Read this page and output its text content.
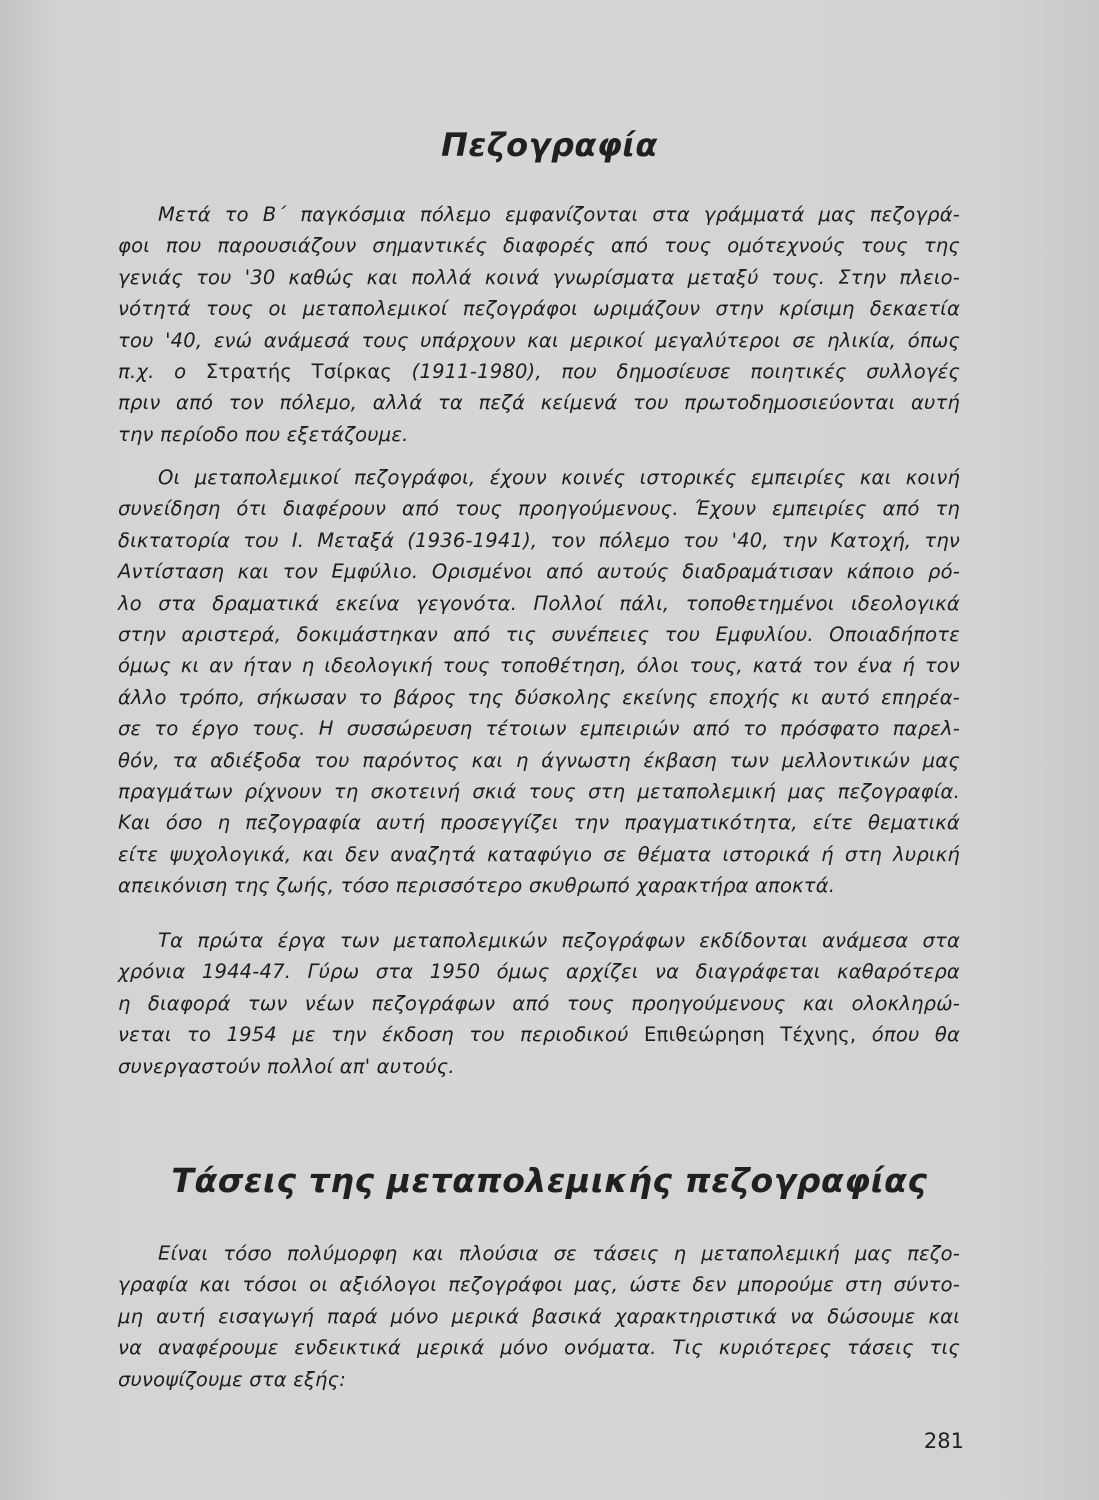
Πεζογραφία
Μετά το Β΄ παγκόσμια πόλεμο εμφανίζονται στα γράμματά μας πεζογρά-
φοι που παρουσιάζουν σημαντικές διαφορές από τους ομότεχνούς τους της
γενιάς του '30 καθώς και πολλά κοινά γνωρίσματα μεταξύ τους. Στην πλειο-
νότητά τους οι μεταπολεμικοί πεζογράφοι ωριμάζουν στην κρίσιμη δεκαετία
του '40, ενώ ανάμεσά τους υπάρχουν και μερικοί μεγαλύτεροι σε ηλικία, όπως
π.χ. ο Στρατής Τσίρκας (1911-1980), που δημοσίευσε ποιητικές συλλογές
πριν από τον πόλεμο, αλλά τα πεζά κείμενά του πρωτοδημοσιεύονται αυτή
την περίοδο που εξετάζουμε.
Οι μεταπολεμικοί πεζογράφοι, έχουν κοινές ιστορικές εμπειρίες και κοινή
συνείδηση ότι διαφέρουν από τους προηγούμενους. Έχουν εμπειρίες από τη
δικτατορία του Ι. Μεταξά (1936-1941), τον πόλεμο του '40, την Κατοχή, την
Αντίσταση και τον Εμφύλιο. Ορισμένοι από αυτούς διαδραμάτισαν κάποιο ρό-
λο στα δραματικά εκείνα γεγονότα. Πολλοί πάλι, τοποθετημένοι ιδεολογικά
στην αριστερά, δοκιμάστηκαν από τις συνέπειες του Εμφυλίου. Οποιαδήποτε
όμως κι αν ήταν η ιδεολογική τους τοποθέτηση, όλοι τους, κατά τον ένα ή τον
άλλο τρόπο, σήκωσαν το βάρος της δύσκολης εκείνης εποχής κι αυτό επηρέα-
σε το έργο τους. Η συσσώρευση τέτοιων εμπειριών από το πρόσφατο παρελ-
θόν, τα αδιέξοδα του παρόντος και η άγνωστη έκβαση των μελλοντικών μας
πραγμάτων ρίχνουν τη σκοτεινή σκιά τους στη μεταπολεμική μας πεζογραφία.
Και όσο η πεζογραφία αυτή προσεγγίζει την πραγματικότητα, είτε θεματικά
είτε ψυχολογικά, και δεν αναζητά καταφύγιο σε θέματα ιστορικά ή στη λυρική
απεικόνιση της ζωής, τόσο περισσότερο σκυθρωπό χαρακτήρα αποκτά.
Τα πρώτα έργα των μεταπολεμικών πεζογράφων εκδίδονται ανάμεσα στα
χρόνια 1944-47. Γύρω στα 1950 όμως αρχίζει να διαγράφεται καθαρότερα
η διαφορά των νέων πεζογράφων από τους προηγούμενους και ολοκληρώ-
νεται το 1954 με την έκδοση του περιοδικού Επιθεώρηση Τέχνης, όπου θα
συνεργαστούν πολλοί απ' αυτούς.
Τάσεις της μεταπολεμικής πεζογραφίας
Είναι τόσο πολύμορφη και πλούσια σε τάσεις η μεταπολεμική μας πεζο-
γραφία και τόσοι οι αξιόλογοι πεζογράφοι μας, ώστε δεν μπορούμε στη σύντο-
μη αυτή εισαγωγή παρά μόνο μερικά βασικά χαρακτηριστικά να δώσουμε και
να αναφέρουμε ενδεικτικά μερικά μόνο ονόματα. Τις κυριότερες τάσεις τις
συνοψίζουμε στα εξής:
281
